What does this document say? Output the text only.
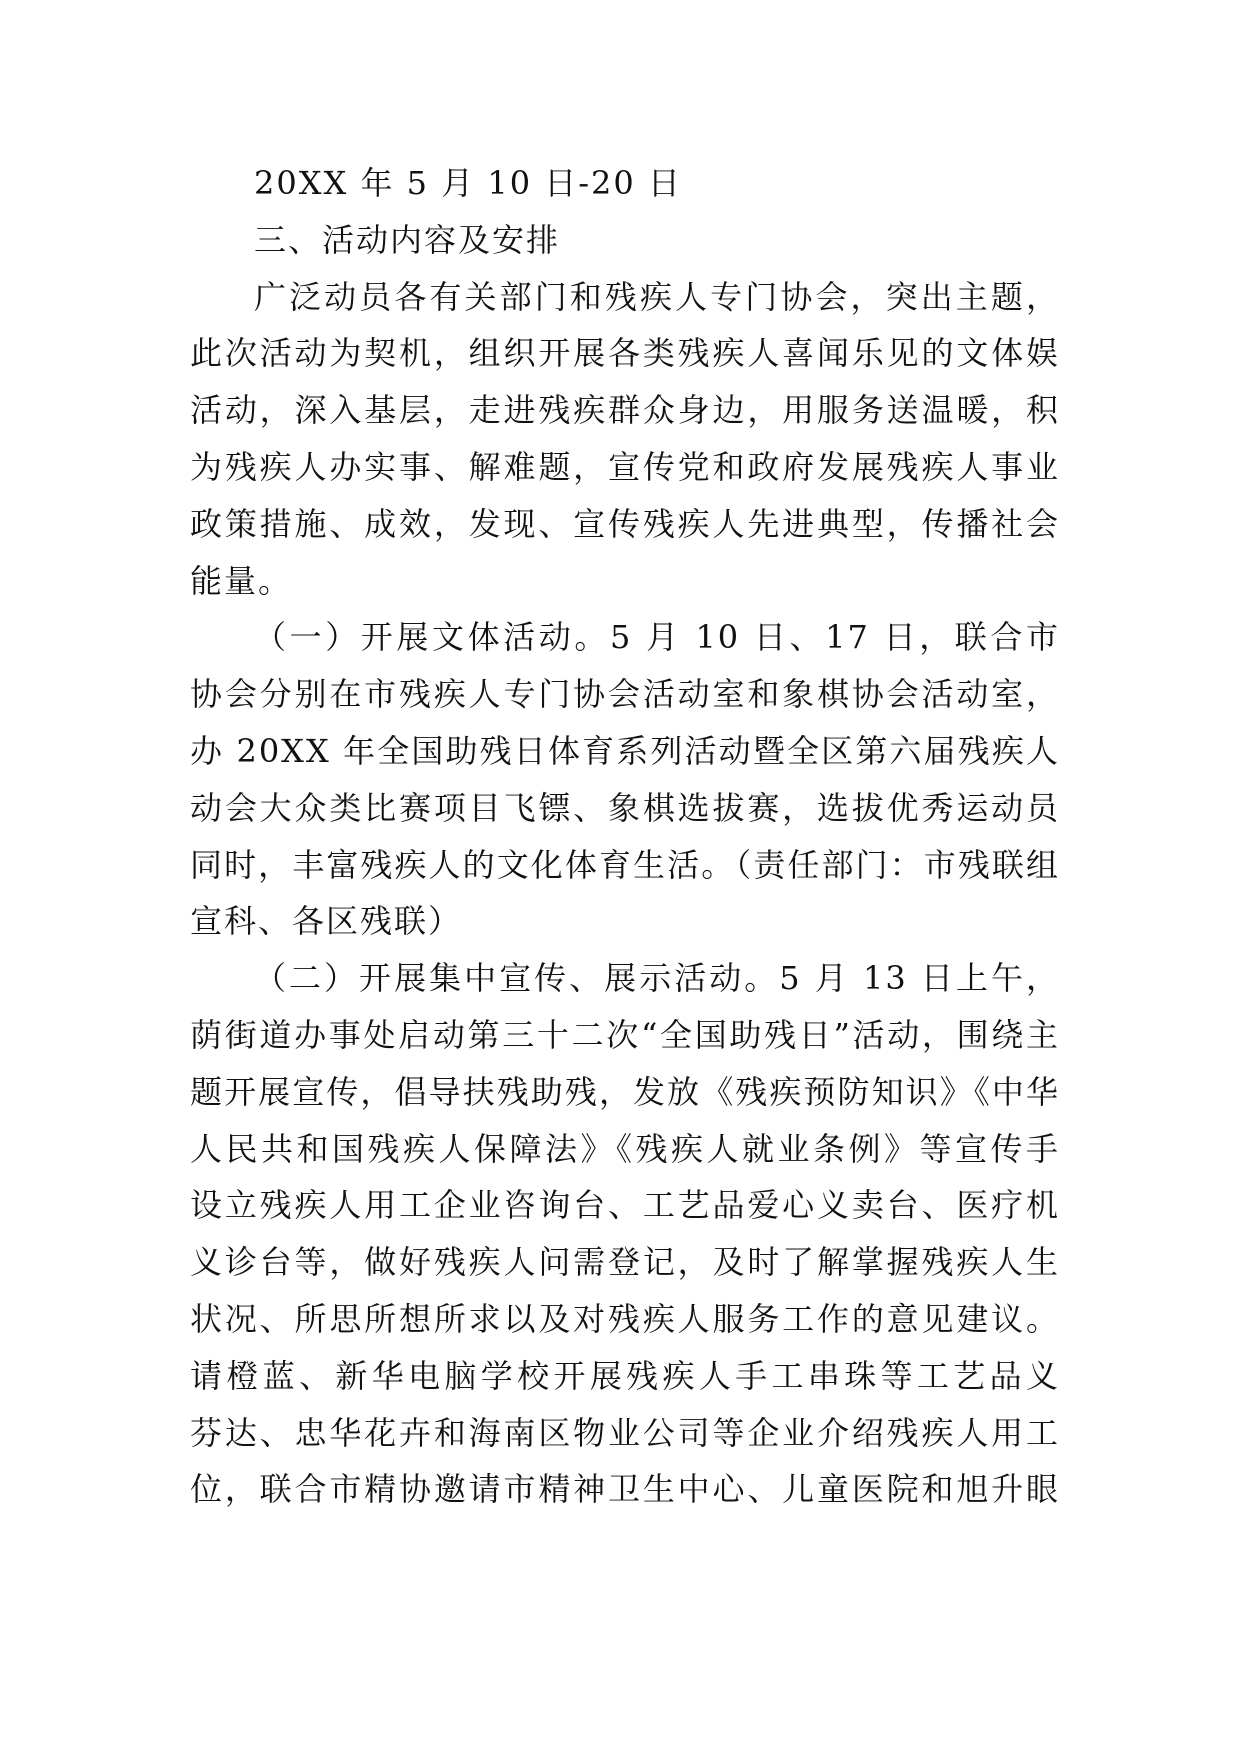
20XX 年 5 月 10 日-20 日
三、活动内容及安排
广泛动员各有关部门和残疾人专门协会，突出主题，
此次活动为契机，组织开展各类残疾人喜闻乐见的文体娱
活动，深入基层，走进残疾群众身边，用服务送温暖，积
为残疾人办实事、解难题，宣传党和政府发展残疾人事业
政策措施、成效，发现、宣传残疾人先进典型，传播社会
能量。
（一）开展文体活动。5 月 10 日、17 日，联合市
协会分别在市残疾人专门协会活动室和象棋协会活动室，
办 20XX 年全国助残日体育系列活动暨全区第六届残疾人
动会大众类比赛项目飞镖、象棋选拔赛，选拔优秀运动员
同时，丰富残疾人的文化体育生活。（责任部门：市残联组
宣科、各区残联）
（二）开展集中宣传、展示活动。5 月 13 日上午，
荫街道办事处启动第三十二次“全国助残日”活动，围绕主
题开展宣传，倡导扶残助残，发放《残疾预防知识》《中华
人民共和国残疾人保障法》《残疾人就业条例》等宣传手
设立残疾人用工企业咨询台、工艺品爱心义卖台、医疗机
义诊台等，做好残疾人问需登记，及时了解掌握残疾人生
状况、所思所想所求以及对残疾人服务工作的意见建议。
请橙蓝、新华电脑学校开展残疾人手工串珠等工艺品义
芬达、忠华花卉和海南区物业公司等企业介绍残疾人用工
位，联合市精协邀请市精神卫生中心、儿童医院和旭升眼
